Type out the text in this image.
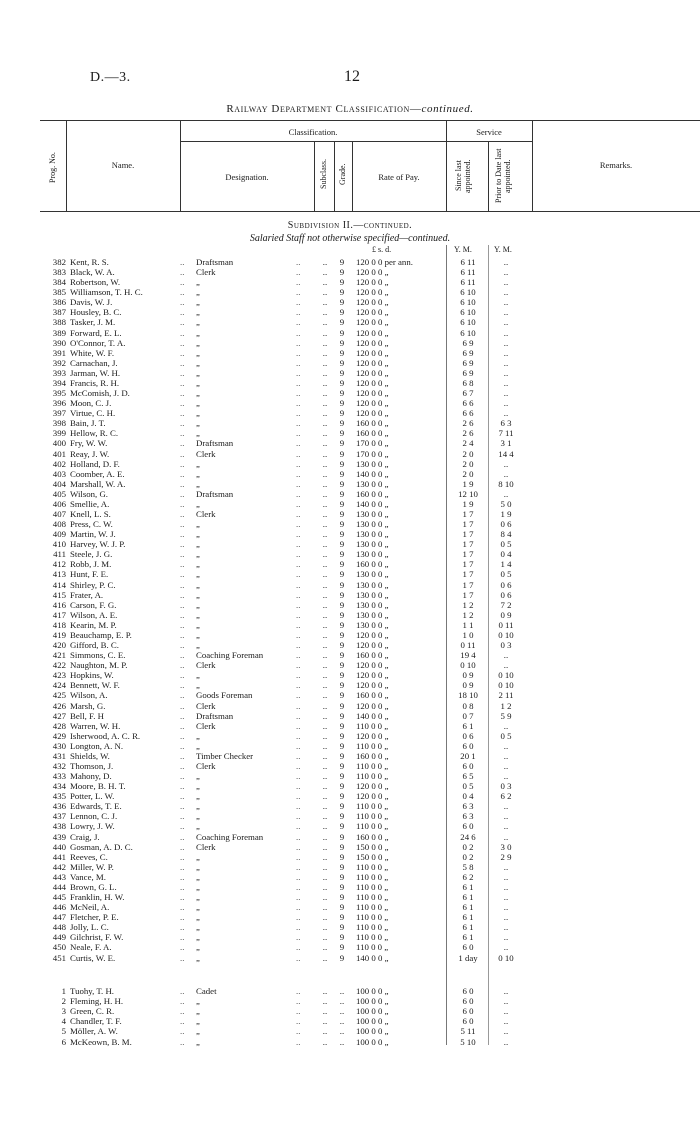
D.—3.	12
Railway Department Classification—continued.
Prog. No.	Name.
Classification.
Designation.	Subclass. Grade.	Rate of Pay.
Service
Since last appointed.	Prior to Date last appointed.	Remarks.
Subdivision II.—continued.
Salaried Staff not otherwise specified—continued.
£ s. d.	Y. M.	Y. M.
382 Kent, R. S.	Draftsman	..	9	120 0 0 per ann.	6 11	..
..	..
383 Black, W. A.	Clerk	..	9	120 0 0 „	6 11	..
..	..
384 Robertson, W.	„	..	9	120 0 0 „	6 11	..
..	..
385 Williamson, T. H. C.	„	..	9	120 0 0 „	6 10	..
..	..
386 Davis, W. J.	„	..	9	120 0 0 „	6 10	..
..	..
387 Housley, B. C.	„	..	9	120 0 0 „	6 10	..
..	..
388 Tasker, J. M.	„	..	9	120 0 0 „	6 10	..
..	..
389 Forward, E. L.	„	..	9	120 0 0 „	6 10	..
..	..
390 O'Connor, T. A.	„	..	9	120 0 0 „	6 9	..
..	..
391 White, W. F.	„	..	9	120 0 0 „	6 9	..
..	..
392 Carnachan, J.	„	..	9	120 0 0 „	6 9	..
..	..
393 Jarman, W. H.	„	..	9	120 0 0 „	6 9	..
..	..
394 Francis, R. H.	„	..	9	120 0 0 „	6 8	..
..	..
395 McComish, J. D.	„	..	9	120 0 0 „	6 7	..
..	..
396 Moon, C. J.	„	..	9	120 0 0 „	6 6	..
..	..
397 Virtue, C. H.	„	..	9	120 0 0 „	6 6	..
..	..
398 Bain, J. T.	„	..	9	160 0 0 „	2 6	6 3
..	..
399 Hellow, R. C.	„	..	9	160 0 0 „	2 6	7 11
..	..
400 Fry, W. W.	Draftsman	..	9	170 0 0 „	2 4	3 1
..	..
401 Reay, J. W.	Clerk	..	9	170 0 0 „	2 0	14 4
..	..
402 Holland, D. F.	„	..	9	130 0 0 „	2 0	..
..	..
403 Coomber, A. E.	„	..	9	140 0 0 „	2 0	..
..	..
404 Marshall, W. A.	„	..	9	130 0 0 „	1 9	8 10
..	..
405 Wilson, G.	Draftsman	..	9	160 0 0 „	12 10	..
..	..
406 Smellie, A.	„	..	9	140 0 0 „	1 9	5 0
..	..
407 Knell, L. S.	Clerk	..	9	130 0 0 „	1 7	1 9
..	..
408 Press, C. W.	„	..	9	130 0 0 „	1 7	0 6
..	..
409 Martin, W. J.	„	..	9	130 0 0 „	1 7	8 4
..	..
410 Harvey, W. J. P.	„	..	9	130 0 0 „	1 7	0 5
..	..
411 Steele, J. G.	„	..	9	130 0 0 „	1 7	0 4
..	..
412 Robb, J. M.	„	..	9	160 0 0 „	1 7	1 4
..	..
413 Hunt, F. E.	„	..	9	130 0 0 „	1 7	0 5
..	..
414 Shirley, P. C.	„	..	9	130 0 0 „	1 7	0 6
..	..
415 Frater, A.	„	..	9	130 0 0 „	1 7	0 6
..	..
416 Carson, F. G.	„	..	9	130 0 0 „	1 2	7 2
..	..
417 Wilson, A. E.	„	..	9	130 0 0 „	1 2	0 9
..	..
418 Kearin, M. P.	„	..	9	130 0 0 „	1 1	0 11
..	..
419 Beauchamp, E. P.	„	..	9	120 0 0 „	1 0	0 10
..	..
420 Gifford, B. C.	„	..	9	120 0 0 „	0 11	0 3
..	..
421 Simmons, C. E.	Coaching Foreman	..	9	160 0 0 „	19 4	..
..	..
422 Naughton, M. P.	Clerk	..	9	120 0 0 „	0 10	..
..	..
423 Hopkins, W.	„	..	9	120 0 0 „	0 9	0 10
..	..
424 Bennett, W. F.	„	..	9	120 0 0 „	0 9	0 10
..	..
425 Wilson, A.	Goods Foreman	..	9	160 0 0 „	18 10	2 11
..	..
426 Marsh, G.	Clerk	..	9	120 0 0 „	0 8	1 2
..	..
427 Bell, F. H	Draftsman	..	9	140 0 0 „	0 7	5 9
..	..
428 Warren, W. H.	Clerk	..	9	110 0 0 „	6 1	..
..	..
429 Isherwood, A. C. R.	„	..	9	120 0 0 „	0 6	0 5
..	..
430 Longton, A. N.	„	..	9	110 0 0 „	6 0	..
..	..
431 Shields, W.	Timber Checker	..	9	160 0 0 „	20 1	..
..	..
432 Thomson, J.	Clerk	..	9	110 0 0 „	6 0	..
..	..
433 Mahony, D.	„	..	9	110 0 0 „	6 5	..
..	..
434 Moore, B. H. T.	„	..	9	120 0 0 „	0 5	0 3
..	..
435 Potter, L. W.	„	..	9	120 0 0 „	0 4	6 2
..	..
436 Edwards, T. E.	„	..	9	110 0 0 „	6 3	..
..	..
437 Lennon, C. J.	„	..	9	110 0 0 „	6 3	..
..	..
438 Lowry, J. W.	„	..	9	110 0 0 „	6 0	..
..	..
439 Craig, J.	Coaching Foreman	..	9	160 0 0 „	24 6	..
..	..
440 Gosman, A. D. C.	Clerk	..	9	150 0 0 „	0 2	3 0
..	..
441 Reeves, C.	„	..	9	150 0 0 „	0 2	2 9
..	..
442 Miller, W. P.	„	..	9	110 0 0 „	5 8	..
..	..
443 Vance, M.	„	..	9	110 0 0 „	6 2	..
..	..
444 Brown, G. L.	„	..	9	110 0 0 „	6 1	..
..	..
445 Franklin, H. W.	„	..	9	110 0 0 „	6 1	..
..	..
446 McNeil, A.	„	..	9	110 0 0 „	6 1	..
..	..
447 Fletcher, P. E.	„	..	9	110 0 0 „	6 1	..
..	..
448 Jolly, L. C.	„	..	9	110 0 0 „	6 1	..
..	..
449 Gilchrist, F. W.	„	..	9	110 0 0 „	6 1	..
..	..
450 Neale, F. A.	„	..	9	110 0 0 „	6 0	..
..	..
451 Curtis, W. E.	„	..	9	140 0 0 „	1 day	0 10
..	..
1 Tuohy, T. H.	Cadet	..	..	100 0 0 „	6 0	..
..	..
2 Fleming, H. H.	„	..	..	100 0 0 „	6 0	..
..	..
3 Green, C. R.	„	..	..	100 0 0 „	6 0	..
..	..
4 Chandler, T. F.	„	..	..	100 0 0 „	6 0	..
..	..
5 Möller, A. W.	„	..	..	100 0 0 „	5 11	..
..	..
6 McKeown, B. M.	„	..	..	100 0 0 „	5 10	..
..	..
